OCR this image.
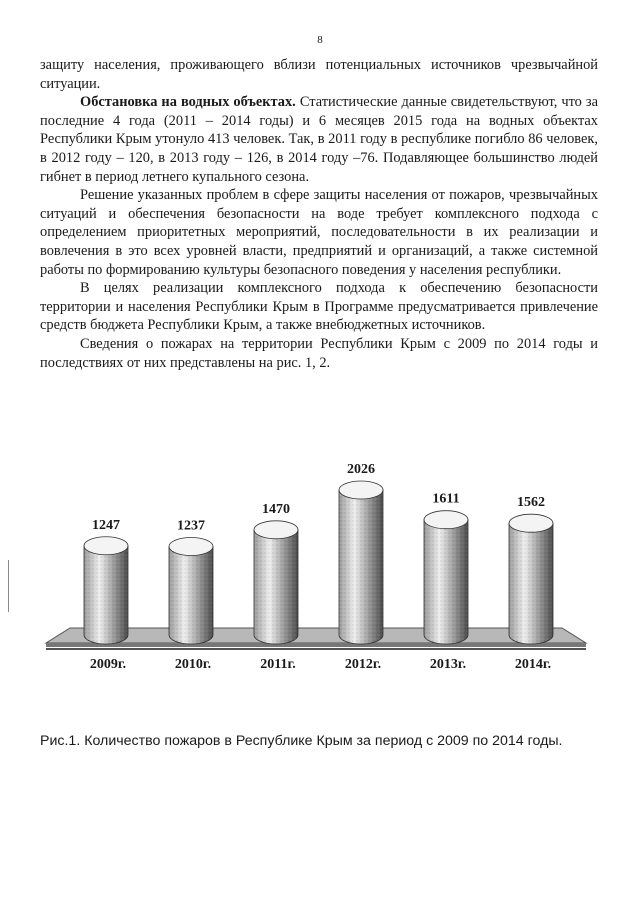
8

защиту населения, проживающего вблизи потенциальных источников чрезвычайной ситуации.

Обстановка на водных объектах. Статистические данные свидетельствуют, что за последние 4 года (2011 – 2014 годы) и 6 месяцев 2015 года на водных объектах Республики Крым утонуло 413 человек. Так, в 2011 году в республике погибло 86 человек, в 2012 году – 120, в 2013 году – 126, в 2014 году –76. Подавляющее большинство людей гибнет в период летнего купального сезона.

Решение указанных проблем в сфере защиты населения от пожаров, чрезвычайных ситуаций и обеспечения безопасности на воде требует комплексного подхода с определением приоритетных мероприятий, последовательности в их реализации и вовлечения в это всех уровней власти, предприятий и организаций, а также системной работы по формированию культуры безопасного поведения у населения республики.

В целях реализации комплексного подхода к обеспечению безопасности территории и населения Республики Крым в Программе предусматривается привлечение средств бюджета Республики Крым, а также внебюджетных источников.

Сведения о пожарах на территории Республики Крым с 2009 по 2014 годы и последствиях от них представлены на рис. 1, 2.

1247
2009г.
1237
2010г.
1470
2011г.
2026
2012г.
1611
2013г.
1562
2014г.
Рис.1. Количество пожаров в Республике Крым за период с 2009 по 2014 годы.
